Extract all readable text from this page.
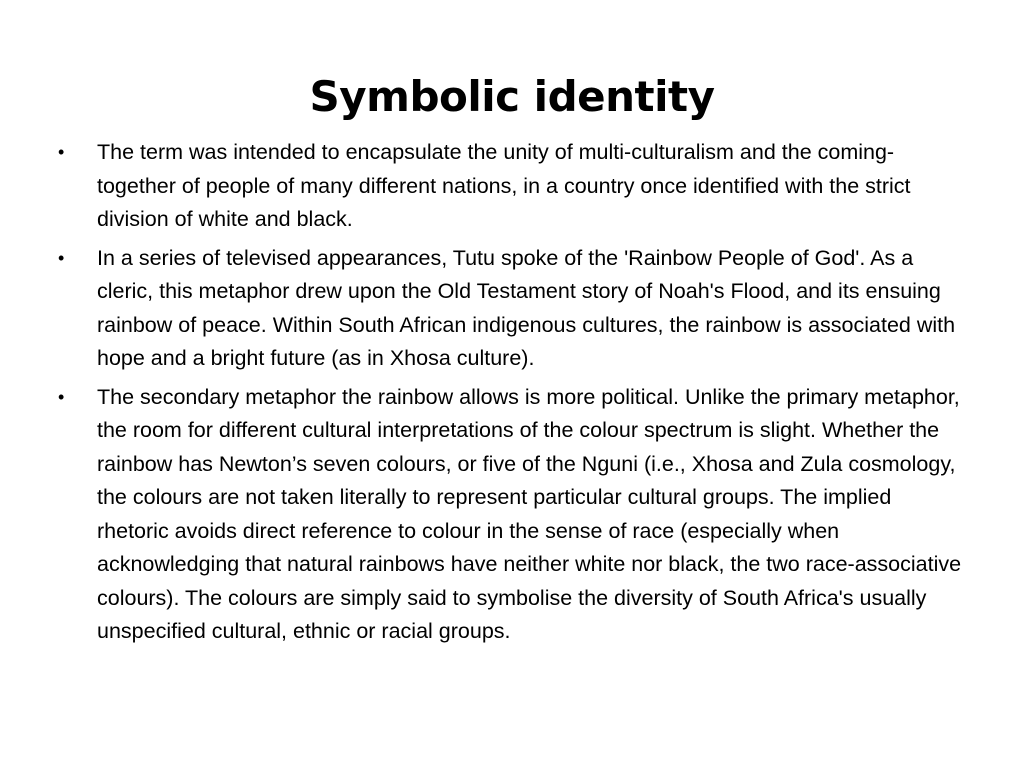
Symbolic identity
• The term was intended to encapsulate the unity of multi-culturalism and the coming-together of people of many different nations, in a country once identified with the strict division of white and black.
• In a series of televised appearances, Tutu spoke of the 'Rainbow People of God'. As a cleric, this metaphor drew upon the Old Testament story of Noah's Flood, and its ensuing rainbow of peace. Within South African indigenous cultures, the rainbow is associated with hope and a bright future (as in Xhosa culture).
• The secondary metaphor the rainbow allows is more political. Unlike the primary metaphor, the room for different cultural interpretations of the colour spectrum is slight. Whether the rainbow has Newton’s seven colours, or five of the Nguni (i.e., Xhosa and Zula cosmology, the colours are not taken literally to represent particular cultural groups. The implied rhetoric avoids direct reference to colour in the sense of race (especially when acknowledging that natural rainbows have neither white nor black, the two race-associative colours). The colours are simply said to symbolise the diversity of South Africa's usually unspecified cultural, ethnic or racial groups.
